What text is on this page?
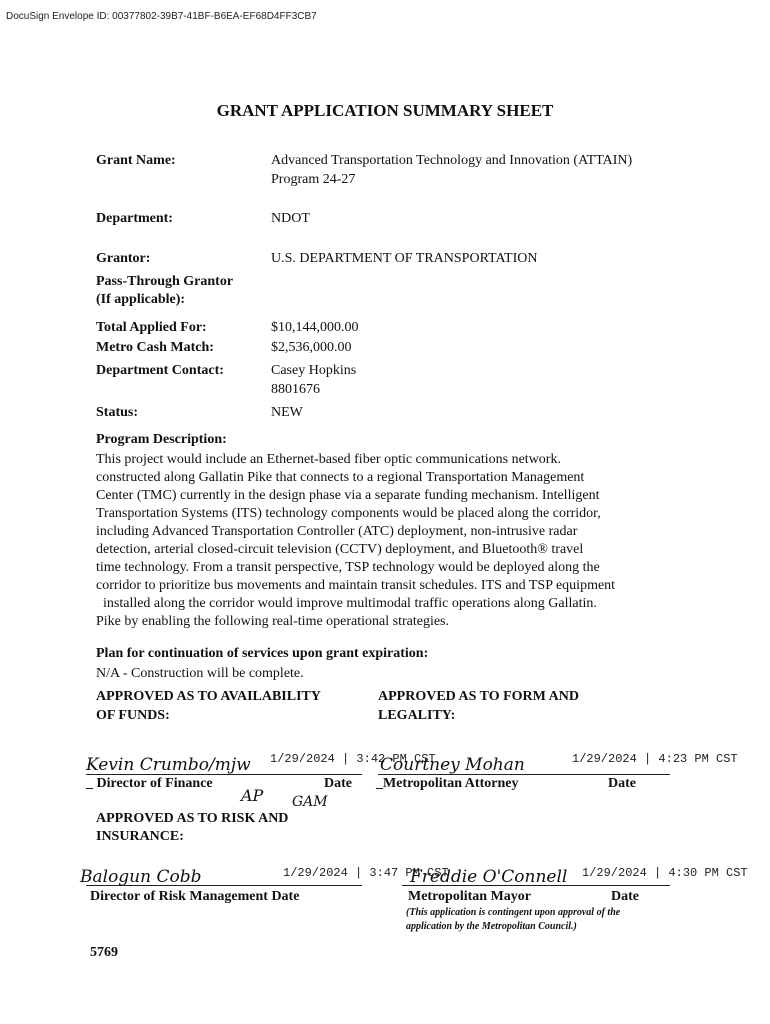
DocuSign Envelope ID: 00377802-39B7-41BF-B6EA-EF68D4FF3CB7
GRANT APPLICATION SUMMARY SHEET
Grant Name:	Advanced Transportation Technology and Innovation (ATTAIN)
Program 24-27
Department:	NDOT
Grantor:	U.S. DEPARTMENT OF TRANSPORTATION
Pass-Through Grantor
(If applicable):
Total Applied For:	$10,144,000.00
Metro Cash Match:	$2,536,000.00
Department Contact:	Casey Hopkins
8801676
Status:	NEW
Program Description:
This project would include an Ethernet-based fiber optic communications network.
constructed along Gallatin Pike that connects to a regional Transportation Management
Center (TMC) currently in the design phase via a separate funding mechanism. Intelligent
Transportation Systems (ITS) technology components would be placed along the corridor,
including Advanced Transportation Controller (ATC) deployment, non-intrusive radar
detection, arterial closed-circuit television (CCTV) deployment, and Bluetooth® travel
time technology. From a transit perspective, TSP technology would be deployed along the
corridor to prioritize bus movements and maintain transit schedules. ITS and TSP equipment
installed along the corridor would improve multimodal traffic operations along Gallatin.
Pike by enabling the following real-time operational strategies.
Plan for continuation of services upon grant expiration:
N/A - Construction will be complete.
APPROVED AS TO AVAILABILITY
OF FUNDS:
APPROVED AS TO FORM AND
LEGALITY:
Kevin Crumbo/mjw 1/29/2024 | 3:42 PM CST
_ Director of Finance	Date
Courtney Mohan	1/29/2024 | 4:23 PM CST
_Metropolitan Attorney	Date
AP GAM
APPROVED AS TO RISK AND
INSURANCE:
Balogun Cobb	1/29/2024 | 3:47 PM CST
Director of Risk Management Date
Freddie O'Connell 1/29/2024 | 4:30 PM CST
Metropolitan Mayor	Date
(This application is contingent upon approval of the application by the Metropolitan Council.)
5769
